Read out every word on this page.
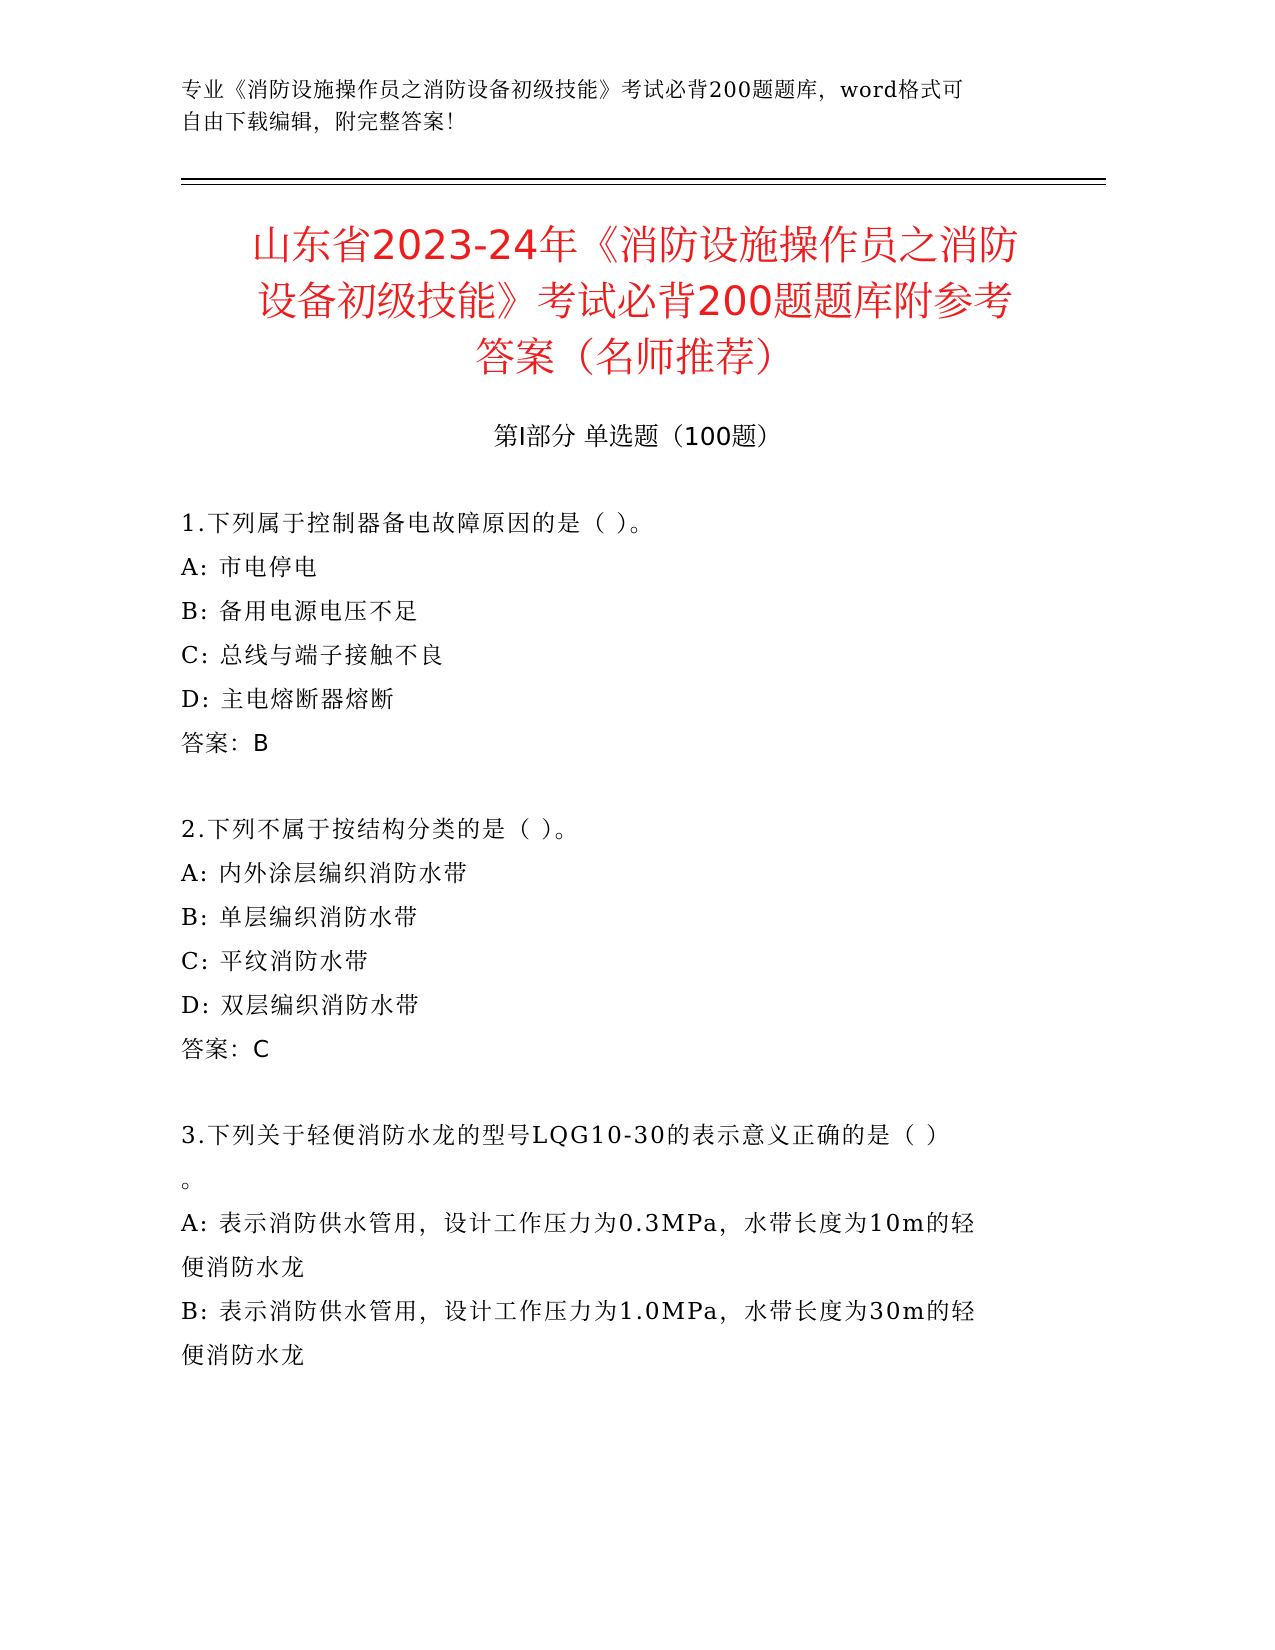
专业《消防设施操作员之消防设备初级技能》考试必背200题题库，word格式可
自由下载编辑，附完整答案！
山东省2023-24年《消防设施操作员之消防
设备初级技能》考试必背200题题库附参考
答案（名师推荐）
第I部分 单选题（100题）
1.下列属于控制器备电故障原因的是（ ）。
A: 市电停电
B: 备用电源电压不足
C: 总线与端子接触不良
D: 主电熔断器熔断
答案：B
2.下列不属于按结构分类的是（ ）。
A: 内外涂层编织消防水带
B: 单层编织消防水带
C: 平纹消防水带
D: 双层编织消防水带
答案：C
3.下列关于轻便消防水龙的型号LQG10-30的表示意义正确的是（ ）
。
A: 表示消防供水管用，设计工作压力为0.3MPa，水带长度为10m的轻
便消防水龙
B: 表示消防供水管用，设计工作压力为1.0MPa，水带长度为30m的轻
便消防水龙
